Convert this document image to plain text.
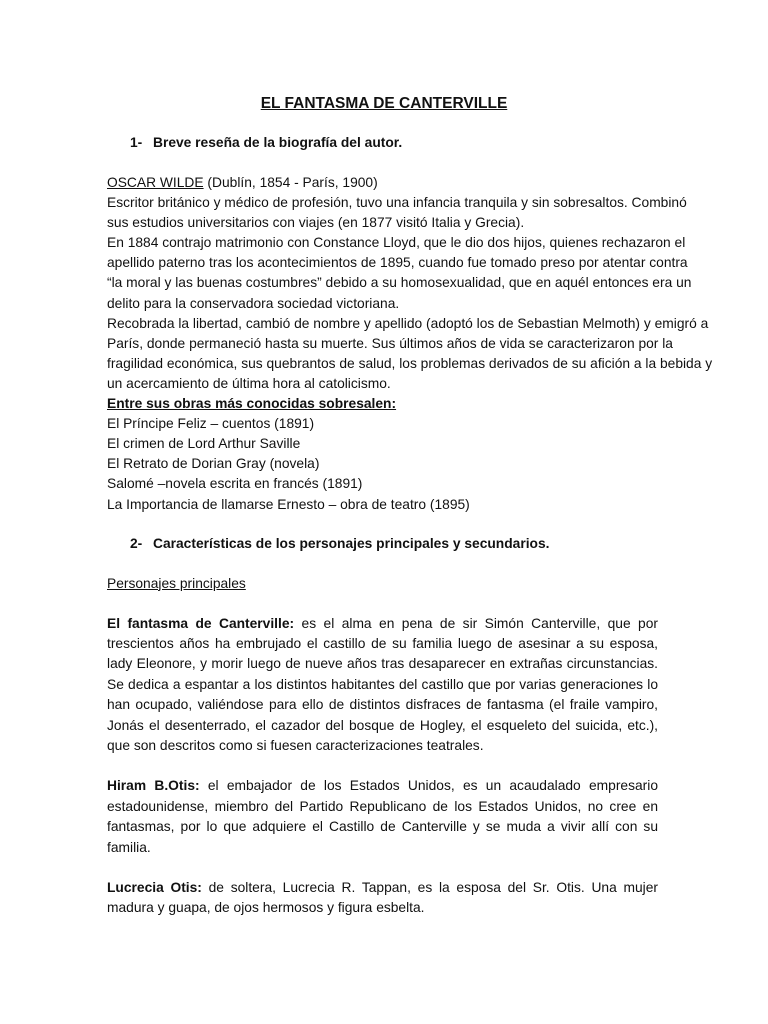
EL FANTASMA DE CANTERVILLE
1- Breve reseña de la biografía del autor.
OSCAR WILDE (Dublín, 1854 - París, 1900)
Escritor británico y médico de profesión, tuvo una infancia tranquila y sin sobresaltos. Combinó
sus estudios universitarios con viajes (en 1877 visitó Italia y Grecia).
En 1884 contrajo matrimonio con Constance Lloyd, que le dio dos hijos, quienes rechazaron el
apellido paterno tras los acontecimientos de 1895, cuando fue tomado preso por atentar contra
“la moral y las buenas costumbres” debido a su homosexualidad, que en aquél entonces era un
delito para la conservadora sociedad victoriana.
Recobrada la libertad, cambió de nombre y apellido (adoptó los de Sebastian Melmoth) y emigró a
París, donde permaneció hasta su muerte. Sus últimos años de vida se caracterizaron por la
fragilidad económica, sus quebrantos de salud, los problemas derivados de su afición a la bebida y
un acercamiento de última hora al catolicismo.
Entre sus obras más conocidas sobresalen:
El Príncipe Feliz – cuentos (1891)
El crimen de Lord Arthur Saville
El Retrato de Dorian Gray (novela)
Salomé –novela escrita en francés (1891)
La Importancia de llamarse Ernesto – obra de teatro (1895)
2- Características de los personajes principales y secundarios.
Personajes principales

El fantasma de Canterville: es el alma en pena de sir Simón Canterville, que por trescientos años ha embrujado el castillo de su familia luego de asesinar a su esposa, lady Eleonore, y morir luego de nueve años tras desaparecer en extrañas circunstancias. Se dedica a espantar a los distintos habitantes del castillo que por varias generaciones lo han ocupado, valiéndose para ello de distintos disfraces de fantasma (el fraile vampiro, Jonás el desenterrado, el cazador del bosque de Hogley, el esqueleto del suicida, etc.), que son descritos como si fuesen caracterizaciones teatrales.

Hiram B.Otis: el embajador de los Estados Unidos, es un acaudalado empresario estadounidense, miembro del Partido Republicano de los Estados Unidos, no cree en fantasmas, por lo que adquiere el Castillo de Canterville y se muda a vivir allí con su familia.

Lucrecia Otis: de soltera, Lucrecia R. Tappan, es la esposa del Sr. Otis. Una mujer madura y guapa, de ojos hermosos y figura esbelta.
